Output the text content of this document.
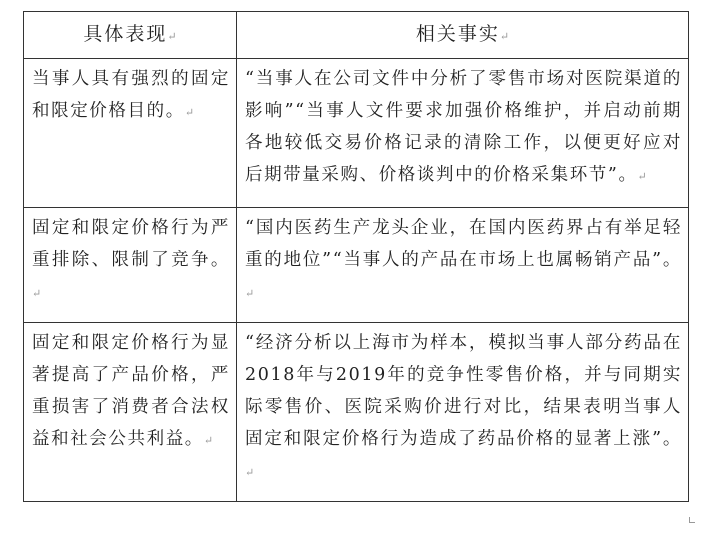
具体表现↵	相关事实↵
当事人具有强烈的固定和限定价格目的。↵	“当事人在公司文件中分析了零售市场对医院渠道的影响”“当事人文件要求加强价格维护，并启动前期各地较低交易价格记录的清除工作，以便更好应对后期带量采购、价格谈判中的价格采集环节”。↵
固定和限定价格行为严重排除、限制了竞争。↵	“国内医药生产龙头企业，在国内医药界占有举足轻重的地位”“当事人的产品在市场上也属畅销产品”。↵
固定和限定价格行为显著提高了产品价格，严重损害了消费者合法权益和社会公共利益。↵	“经济分析以上海市为样本，模拟当事人部分药品在2018年与2019年的竞争性零售价格，并与同期实际零售价、医院采购价进行对比，结果表明当事人固定和限定价格行为造成了药品价格的显著上涨”。↵
